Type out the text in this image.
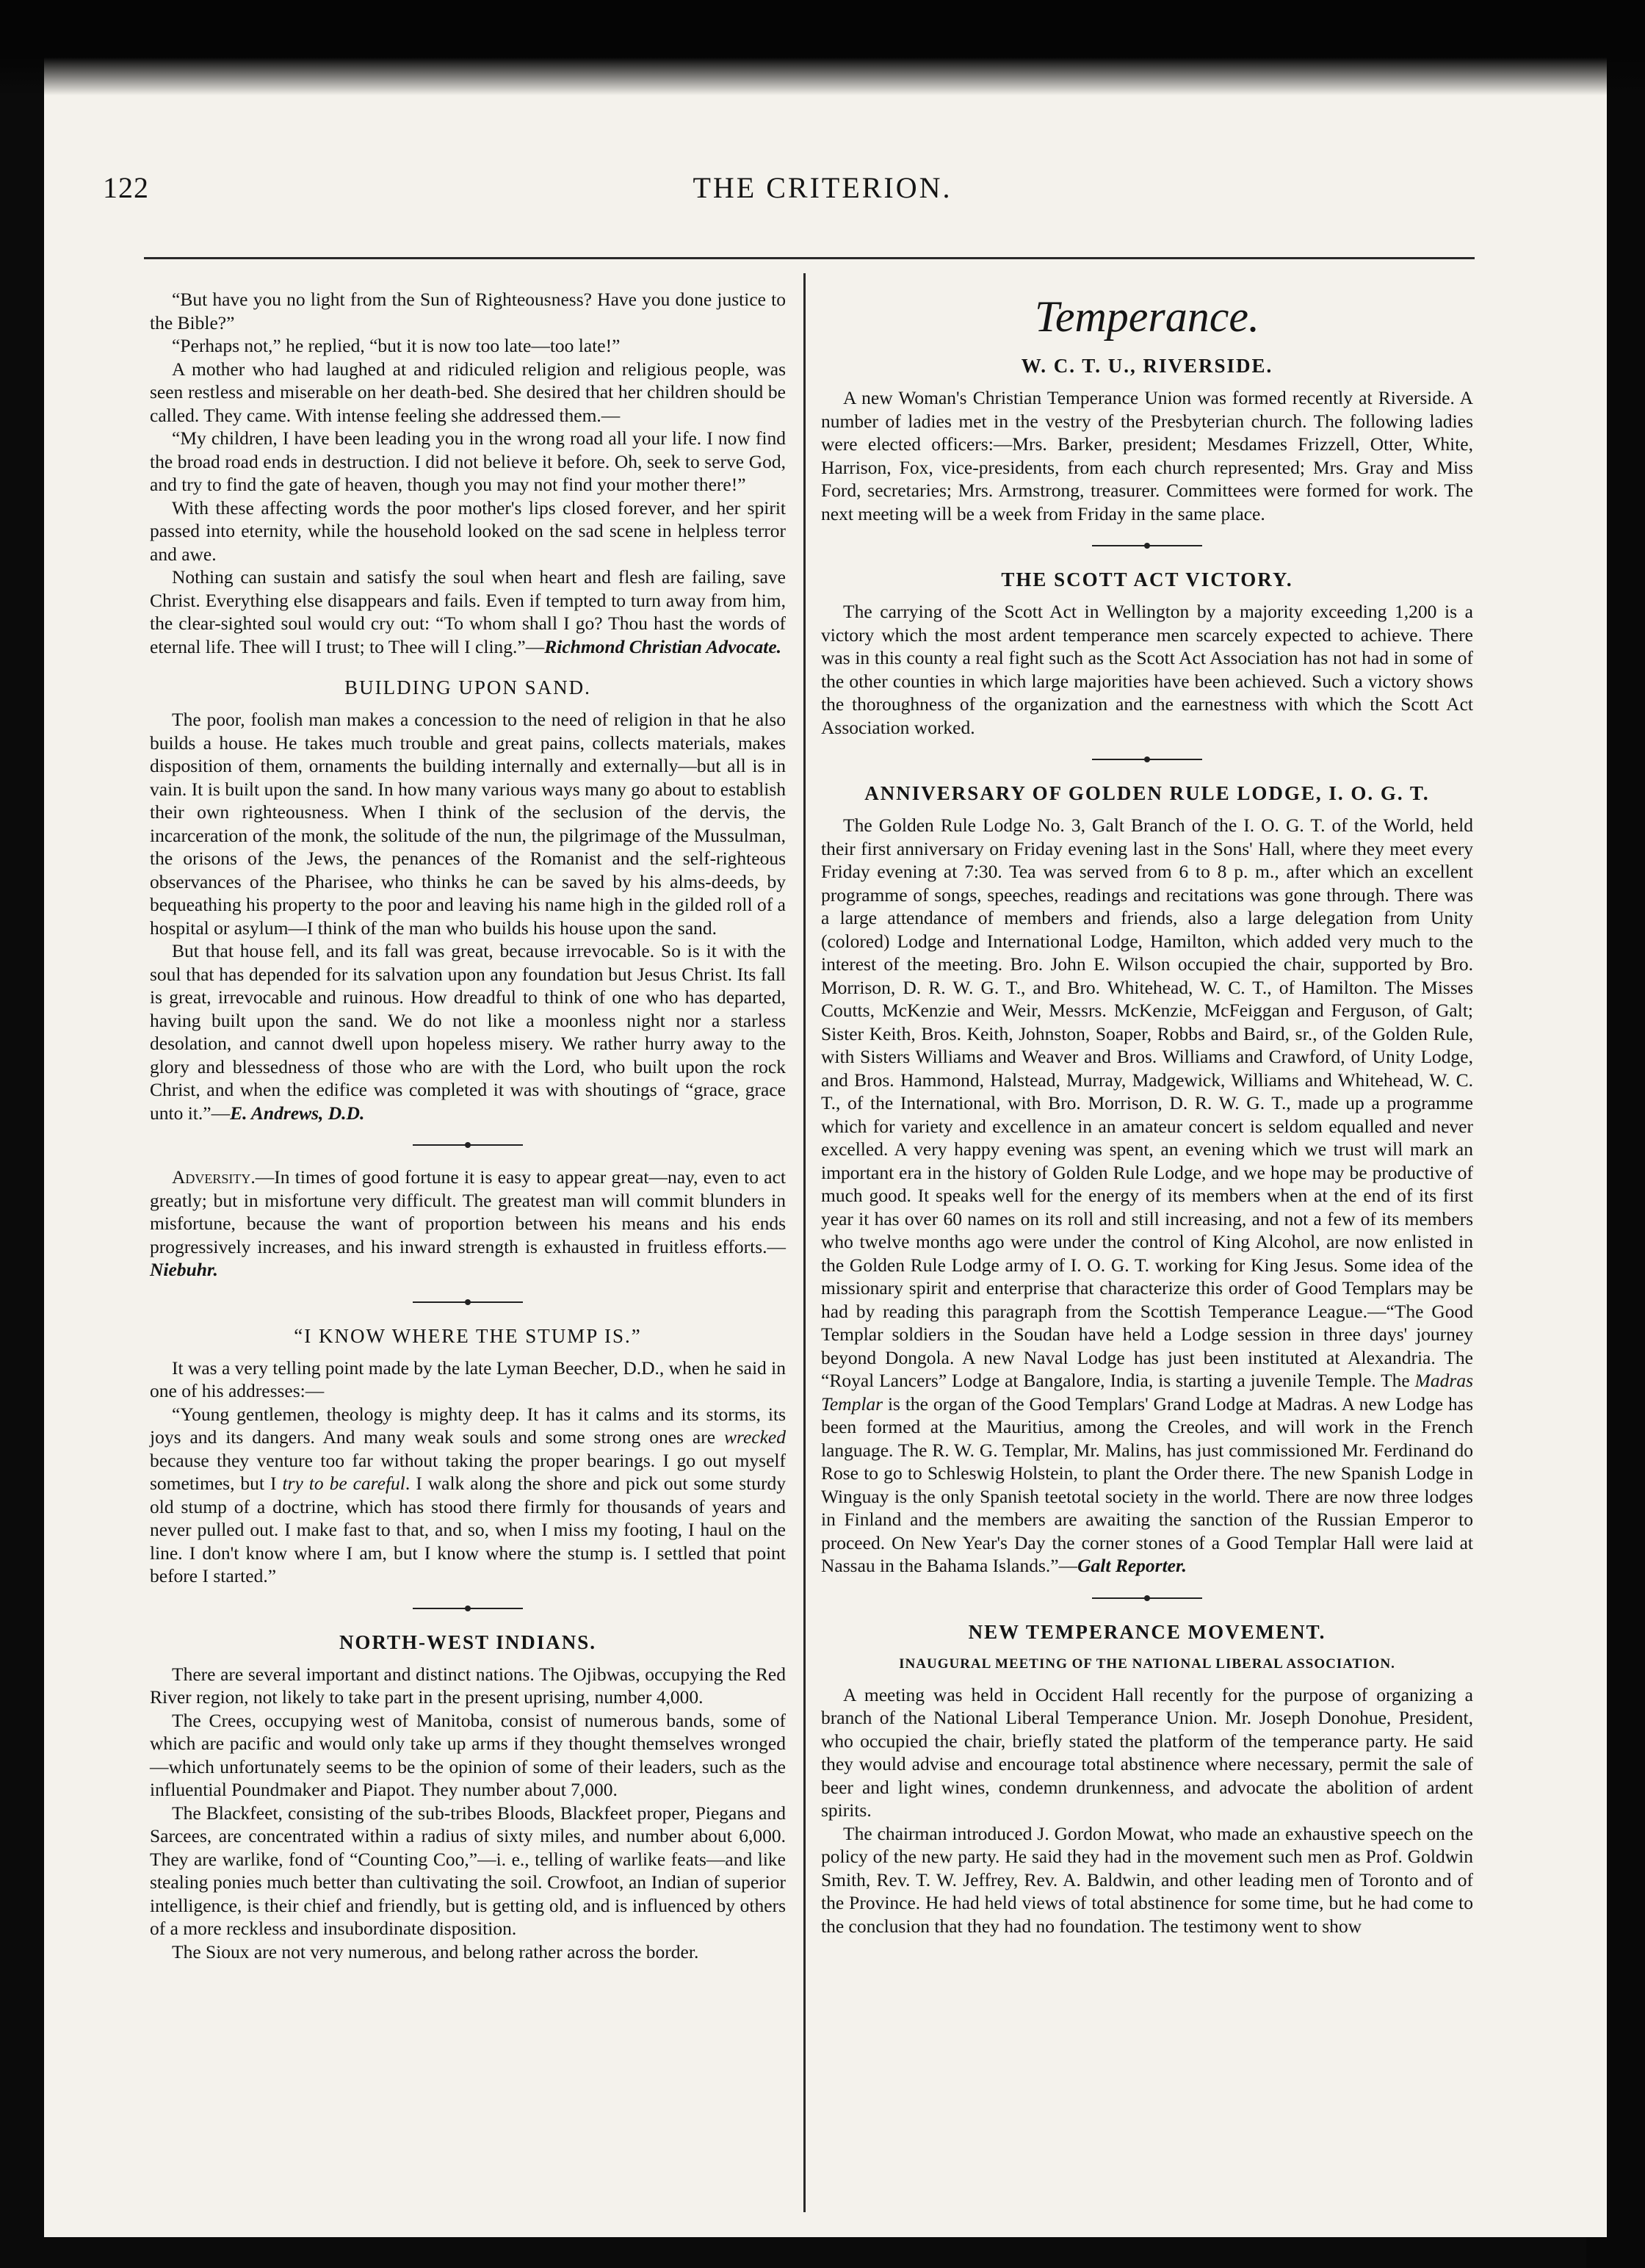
122	THE CRITERION.

“But have you no light from the Sun of Righteousness? Have you done justice to the Bible?”

“Perhaps not,” he replied, “but it is now too late—too late!”

A mother who had laughed at and ridiculed religion and religious people, was seen restless and miserable on her death-bed. She desired that her children should be called. They came. With intense feeling she addressed them.—

“My children, I have been leading you in the wrong road all your life. I now find the broad road ends in destruction. I did not believe it before. Oh, seek to serve God, and try to find the gate of heaven, though you may not find your mother there!”

With these affecting words the poor mother's lips closed forever, and her spirit passed into eternity, while the household looked on the sad scene in helpless terror and awe.

Nothing can sustain and satisfy the soul when heart and flesh are failing, save Christ. Everything else disappears and fails. Even if tempted to turn away from him, the clear-sighted soul would cry out: “To whom shall I go? Thou hast the words of eternal life. Thee will I trust; to Thee will I cling.”—Richmond Christian Advocate.

BUILDING UPON SAND.

The poor, foolish man makes a concession to the need of religion in that he also builds a house. He takes much trouble and great pains, collects materials, makes disposition of them, ornaments the building internally and externally—but all is in vain. It is built upon the sand. In how many various ways many go about to establish their own righteousness. When I think of the seclusion of the dervis, the incarceration of the monk, the solitude of the nun, the pilgrimage of the Mussulman, the orisons of the Jews, the penances of the Romanist and the self-righteous observances of the Pharisee, who thinks he can be saved by his alms-deeds, by bequeathing his property to the poor and leaving his name high in the gilded roll of a hospital or asylum—I think of the man who builds his house upon the sand.

But that house fell, and its fall was great, because irrevocable. So is it with the soul that has depended for its salvation upon any foundation but Jesus Christ. Its fall is great, irrevocable and ruinous. How dreadful to think of one who has departed, having built upon the sand. We do not like a moonless night nor a starless desolation, and cannot dwell upon hopeless misery. We rather hurry away to the glory and blessedness of those who are with the Lord, who built upon the rock Christ, and when the edifice was completed it was with shoutings of “grace, grace unto it.”—E. Andrews, D.D.

Adversity.—In times of good fortune it is easy to appear great—nay, even to act greatly; but in misfortune very difficult. The greatest man will commit blunders in misfortune, because the want of proportion between his means and his ends progressively increases, and his inward strength is exhausted in fruitless efforts.—Niebuhr.

“I KNOW WHERE THE STUMP IS.”

It was a very telling point made by the late Lyman Beecher, D.D., when he said in one of his addresses:—

“Young gentlemen, theology is mighty deep. It has it calms and its storms, its joys and its dangers. And many weak souls and some strong ones are wrecked because they venture too far without taking the proper bearings. I go out myself sometimes, but I try to be careful. I walk along the shore and pick out some sturdy old stump of a doctrine, which has stood there firmly for thousands of years and never pulled out. I make fast to that, and so, when I miss my footing, I haul on the line. I don't know where I am, but I know where the stump is. I settled that point before I started.”

NORTH-WEST INDIANS.

There are several important and distinct nations. The Ojibwas, occupying the Red River region, not likely to take part in the present uprising, number 4,000.

The Crees, occupying west of Manitoba, consist of numerous bands, some of which are pacific and would only take up arms if they thought themselves wronged—which unfortunately seems to be the opinion of some of their leaders, such as the influential Poundmaker and Piapot. They number about 7,000.

The Blackfeet, consisting of the sub-tribes Bloods, Blackfeet proper, Piegans and Sarcees, are concentrated within a radius of sixty miles, and number about 6,000. They are warlike, fond of “Counting Coo,”—i. e., telling of warlike feats—and like stealing ponies much better than cultivating the soil. Crowfoot, an Indian of superior intelligence, is their chief and friendly, but is getting old, and is influenced by others of a more reckless and insubordinate disposition.

The Sioux are not very numerous, and belong rather across the border.

Temperance.
W. C. T. U., RIVERSIDE.

A new Woman's Christian Temperance Union was formed recently at Riverside. A number of ladies met in the vestry of the Presbyterian church. The following ladies were elected officers:—Mrs. Barker, president; Mesdames Frizzell, Otter, White, Harrison, Fox, vice-presidents, from each church represented; Mrs. Gray and Miss Ford, secretaries; Mrs. Armstrong, treasurer. Committees were formed for work. The next meeting will be a week from Friday in the same place.

THE SCOTT ACT VICTORY.

The carrying of the Scott Act in Wellington by a majority exceeding 1,200 is a victory which the most ardent temperance men scarcely expected to achieve. There was in this county a real fight such as the Scott Act Association has not had in some of the other counties in which large majorities have been achieved. Such a victory shows the thoroughness of the organization and the earnestness with which the Scott Act Association worked.

ANNIVERSARY OF GOLDEN RULE LODGE, I. O. G. T.

The Golden Rule Lodge No. 3, Galt Branch of the I. O. G. T. of the World, held their first anniversary on Friday evening last in the Sons' Hall, where they meet every Friday evening at 7:30. Tea was served from 6 to 8 p. m., after which an excellent programme of songs, speeches, readings and recitations was gone through. There was a large attendance of members and friends, also a large delegation from Unity (colored) Lodge and International Lodge, Hamilton, which added very much to the interest of the meeting. Bro. John E. Wilson occupied the chair, supported by Bro. Morrison, D. R. W. G. T., and Bro. Whitehead, W. C. T., of Hamilton. The Misses Coutts, McKenzie and Weir, Messrs. McKenzie, McFeiggan and Ferguson, of Galt; Sister Keith, Bros. Keith, Johnston, Soaper, Robbs and Baird, sr., of the Golden Rule, with Sisters Williams and Weaver and Bros. Williams and Crawford, of Unity Lodge, and Bros. Hammond, Halstead, Murray, Madgewick, Williams and Whitehead, W. C. T., of the International, with Bro. Morrison, D. R. W. G. T., made up a programme which for variety and excellence in an amateur concert is seldom equalled and never excelled. A very happy evening was spent, an evening which we trust will mark an important era in the history of Golden Rule Lodge, and we hope may be productive of much good. It speaks well for the energy of its members when at the end of its first year it has over 60 names on its roll and still increasing, and not a few of its members who twelve months ago were under the control of King Alcohol, are now enlisted in the Golden Rule Lodge army of I. O. G. T. working for King Jesus. Some idea of the missionary spirit and enterprise that characterize this order of Good Templars may be had by reading this paragraph from the Scottish Temperance League.—“The Good Templar soldiers in the Soudan have held a Lodge session in three days' journey beyond Dongola. A new Naval Lodge has just been instituted at Alexandria. The “Royal Lancers” Lodge at Bangalore, India, is starting a juvenile Temple. The Madras Templar is the organ of the Good Templars' Grand Lodge at Madras. A new Lodge has been formed at the Mauritius, among the Creoles, and will work in the French language. The R. W. G. Templar, Mr. Malins, has just commissioned Mr. Ferdinand do Rose to go to Schleswig Holstein, to plant the Order there. The new Spanish Lodge in Winguay is the only Spanish teetotal society in the world. There are now three lodges in Finland and the members are awaiting the sanction of the Russian Emperor to proceed. On New Year's Day the corner stones of a Good Templar Hall were laid at Nassau in the Bahama Islands.”—Galt Reporter.

NEW TEMPERANCE MOVEMENT.
INAUGURAL MEETING OF THE NATIONAL LIBERAL ASSOCIATION.

A meeting was held in Occident Hall recently for the purpose of organizing a branch of the National Liberal Temperance Union. Mr. Joseph Donohue, President, who occupied the chair, briefly stated the platform of the temperance party. He said they would advise and encourage total abstinence where necessary, permit the sale of beer and light wines, condemn drunkenness, and advocate the abolition of ardent spirits.

The chairman introduced J. Gordon Mowat, who made an exhaustive speech on the policy of the new party. He said they had in the movement such men as Prof. Goldwin Smith, Rev. T. W. Jeffrey, Rev. A. Baldwin, and other leading men of Toronto and of the Province. He had held views of total abstinence for some time, but he had come to the conclusion that they had no foundation. The testimony went to show
